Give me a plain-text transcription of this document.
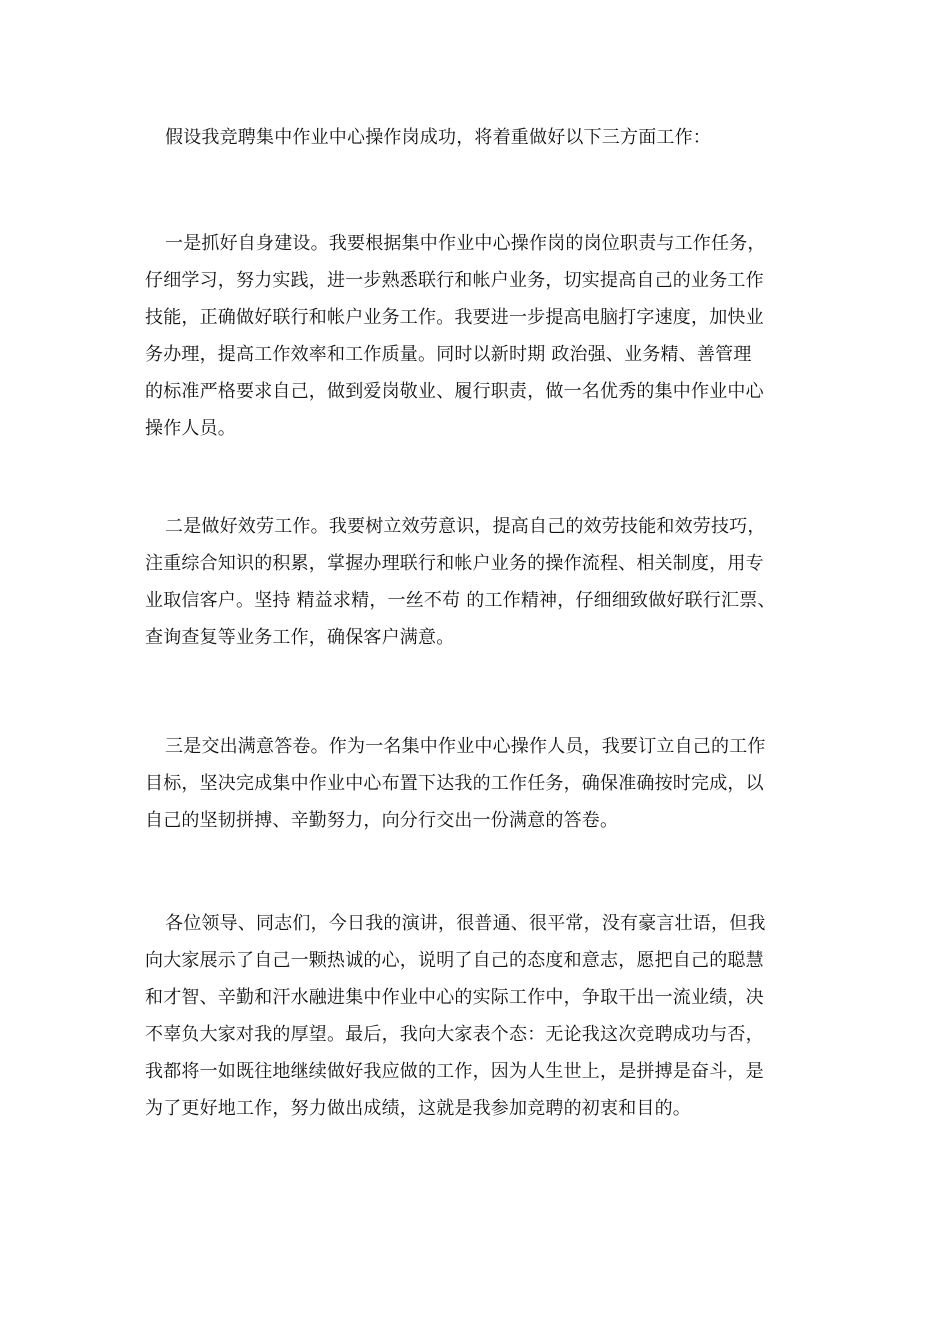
假设我竞聘集中作业中心操作岗成功，将着重做好以下三方面工作：
一是抓好自身建设。我要根据集中作业中心操作岗的岗位职责与工作任务，
仔细学习，努力实践，进一步熟悉联行和帐户业务，切实提高自己的业务工作
技能，正确做好联行和帐户业务工作。我要进一步提高电脑打字速度，加快业
务办理，提高工作效率和工作质量。同时以新时期 政治强、业务精、善管理
的标准严格要求自己，做到爱岗敬业、履行职责，做一名优秀的集中作业中心
操作人员。
二是做好效劳工作。我要树立效劳意识，提高自己的效劳技能和效劳技巧，
注重综合知识的积累，掌握办理联行和帐户业务的操作流程、相关制度，用专
业取信客户。坚持 精益求精，一丝不苟 的工作精神，仔细细致做好联行汇票、
查询查复等业务工作，确保客户满意。
三是交出满意答卷。作为一名集中作业中心操作人员，我要订立自己的工作
目标，坚决完成集中作业中心布置下达我的工作任务，确保准确按时完成，以
自己的坚韧拼搏、辛勤努力，向分行交出一份满意的答卷。
各位领导、同志们，今日我的演讲，很普通、很平常，没有豪言壮语，但我
向大家展示了自己一颗热诚的心，说明了自己的态度和意志，愿把自己的聪慧
和才智、辛勤和汗水融进集中作业中心的实际工作中，争取干出一流业绩，决
不辜负大家对我的厚望。最后，我向大家表个态：无论我这次竞聘成功与否，
我都将一如既往地继续做好我应做的工作，因为人生世上，是拼搏是奋斗，是
为了更好地工作，努力做出成绩，这就是我参加竞聘的初衷和目的。
